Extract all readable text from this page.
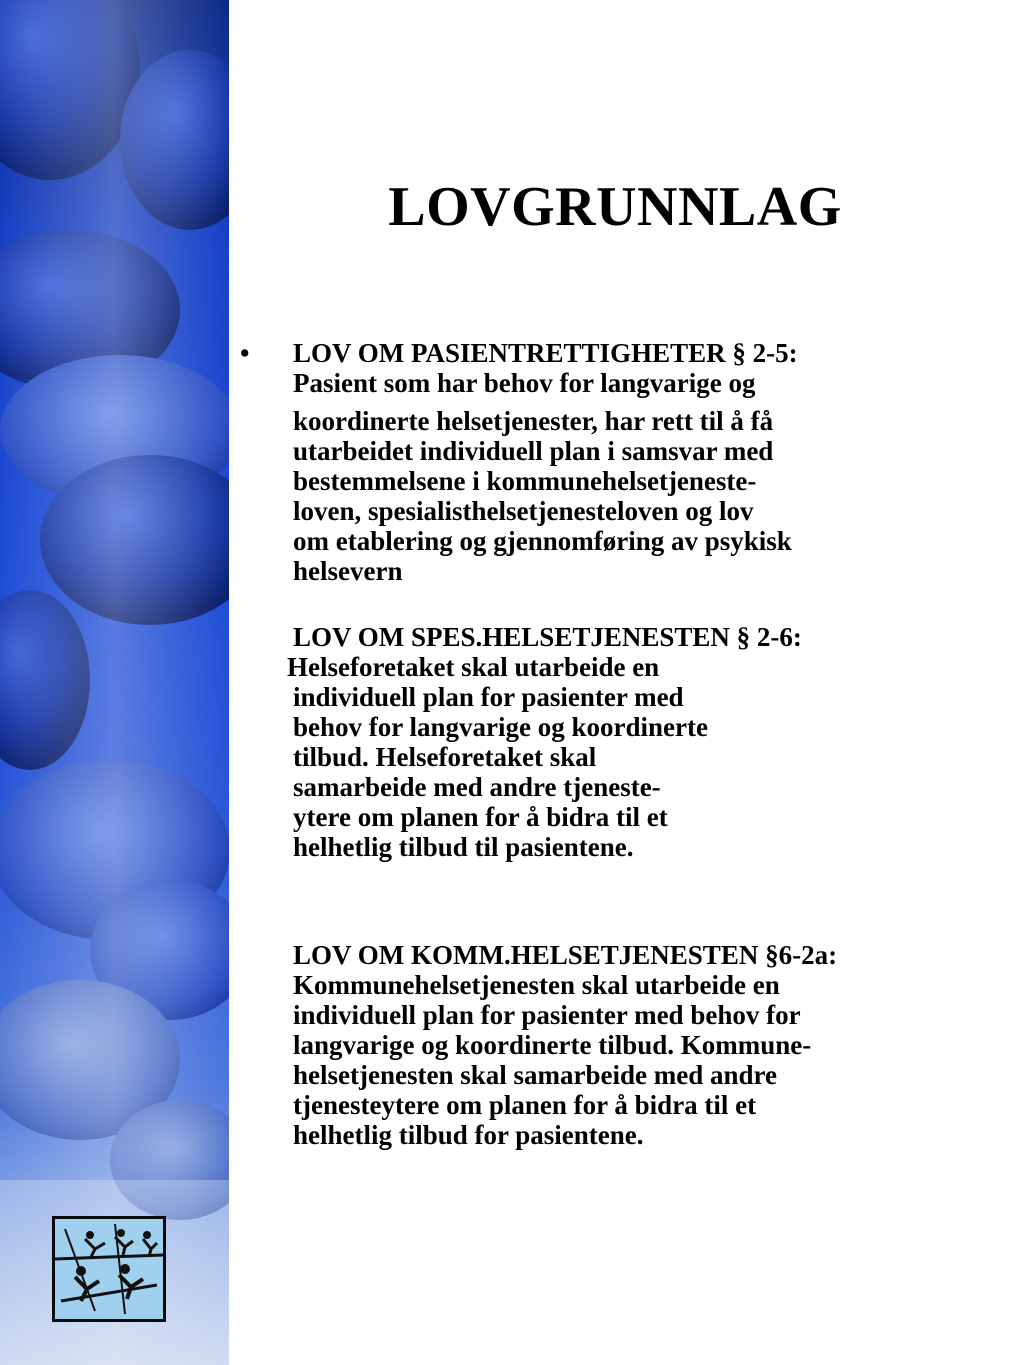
LOVGRUNNLAG
•	LOV OM PASIENTRETTIGHETER § 2-5:
Pasient som har behov for langvarige og
koordinerte helsetjenester, har rett til å få
utarbeidet individuell plan i samsvar med
bestemmelsene i kommunehelsetjeneste-
loven, spesialisthelsetjenesteloven og lov
om etablering og gjennomføring av psykisk
helsevern
LOV OM SPES.HELSETJENESTEN § 2-6:
Helseforetaket skal utarbeide en
individuell plan for pasienter med
behov for langvarige og koordinerte
tilbud. Helseforetaket skal
samarbeide med andre tjeneste-
ytere om planen for å bidra til et
helhetlig tilbud til pasientene.
LOV OM KOMM.HELSETJENESTEN §6-2a:
Kommunehelsetjenesten skal utarbeide en
individuell plan for pasienter med behov for
langvarige og koordinerte tilbud. Kommune-
helsetjenesten skal samarbeide med andre
tjenesteytere om planen for å bidra til et
helhetlig tilbud for pasientene.
